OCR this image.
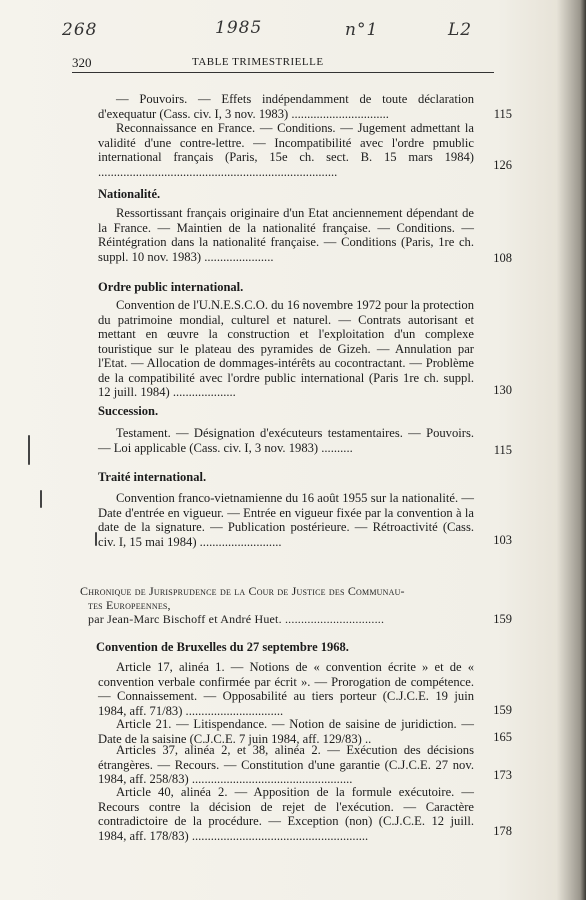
268	1985	n°1	L2
320	TABLE TRIMESTRIELLE
— Pouvoirs. — Effets indépendamment de toute déclaration d'exequatur (Cass. civ. I, 3 nov. 1983) ...............................	115
Reconnaissance en France. — Conditions. — Jugement admettant la validité d'une contre-lettre. — Incompatibilité avec l'ordre pmublic international français (Paris, 15e ch. sect. B. 15 mars 1984) ............................................................................	126
Nationalité.
Ressortissant français originaire d'un Etat anciennement dépendant de la France. — Maintien de la nationalité française. — Conditions. — Réintégration dans la nationalité française. — Conditions (Paris, 1re ch. suppl. 10 nov. 1983) ......................	108
Ordre public international.
Convention de l'U.N.E.S.C.O. du 16 novembre 1972 pour la protection du patrimoine mondial, culturel et naturel. — Contrats autorisant et mettant en œuvre la construction et l'exploitation d'un complexe touristique sur le plateau des pyramides de Gizeh. — Annulation par l'Etat. — Allocation de dommages-intérêts au cocontractant. — Problème de la compatibilité avec l'ordre public international (Paris 1re ch. suppl. 12 juill. 1984) ....................	130
Succession.
Testament. — Désignation d'exécuteurs testamentaires. — Pouvoirs. — Loi applicable (Cass. civ. I, 3 nov. 1983) ..........	115
Traité international.
Convention franco-vietnamienne du 16 août 1955 sur la nationalité. — Date d'entrée en vigueur. — Entrée en vigueur fixée par la convention à la date de la signature. — Publication postérieure. — Rétroactivité (Cass. civ. I, 15 mai 1984) ..........................	103
Chronique de Jurisprudence de la Cour de Justice des Communau-
tes Europeennes,
par Jean-Marc Bischoff et André Huet. ...............................	159
Convention de Bruxelles du 27 septembre 1968.
Article 17, alinéa 1. — Notions de « convention écrite » et de « convention verbale confirmée par écrit ». — Prorogation de compétence. — Connaissement. — Opposabilité au tiers porteur (C.J.C.E. 19 juin 1984, aff. 71/83) ...............................	159
Article 21. — Litispendance. — Notion de saisine de juridiction. — Date de la saisine (C.J.C.E. 7 juin 1984, aff. 129/83) ..	165
Articles 37, alinéa 2, et 38, alinéa 2. — Exécution des décisions étrangères. — Recours. — Constitution d'une garantie (C.J.C.E. 27 nov. 1984, aff. 258/83) ...................................................	173
Article 40, alinéa 2. — Apposition de la formule exécutoire. — Recours contre la décision de rejet de l'exécution. — Caractère contradictoire de la procédure. — Exception (non) (C.J.C.E. 12 juill. 1984, aff. 178/83) ........................................................	178
